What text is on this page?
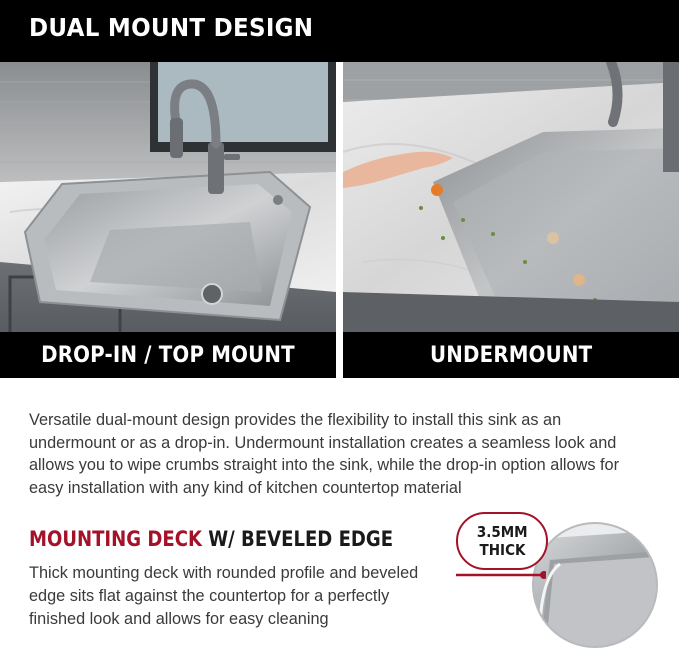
DUAL MOUNT DESIGN
DROP-IN / TOP MOUNT	UNDERMOUNT

Versatile dual-mount design provides the flexibility to install this sink as an undermount or as a drop-in. Undermount installation creates a seamless look and allows you to wipe crumbs straight into the sink, while the drop-in option allows for easy installation with any kind of kitchen countertop material

MOUNTING DECK W/ BEVELED EDGE

Thick mounting deck with rounded profile and beveled edge sits flat against the countertop for a perfectly finished look and allows for easy cleaning

3.5MM
THICK
